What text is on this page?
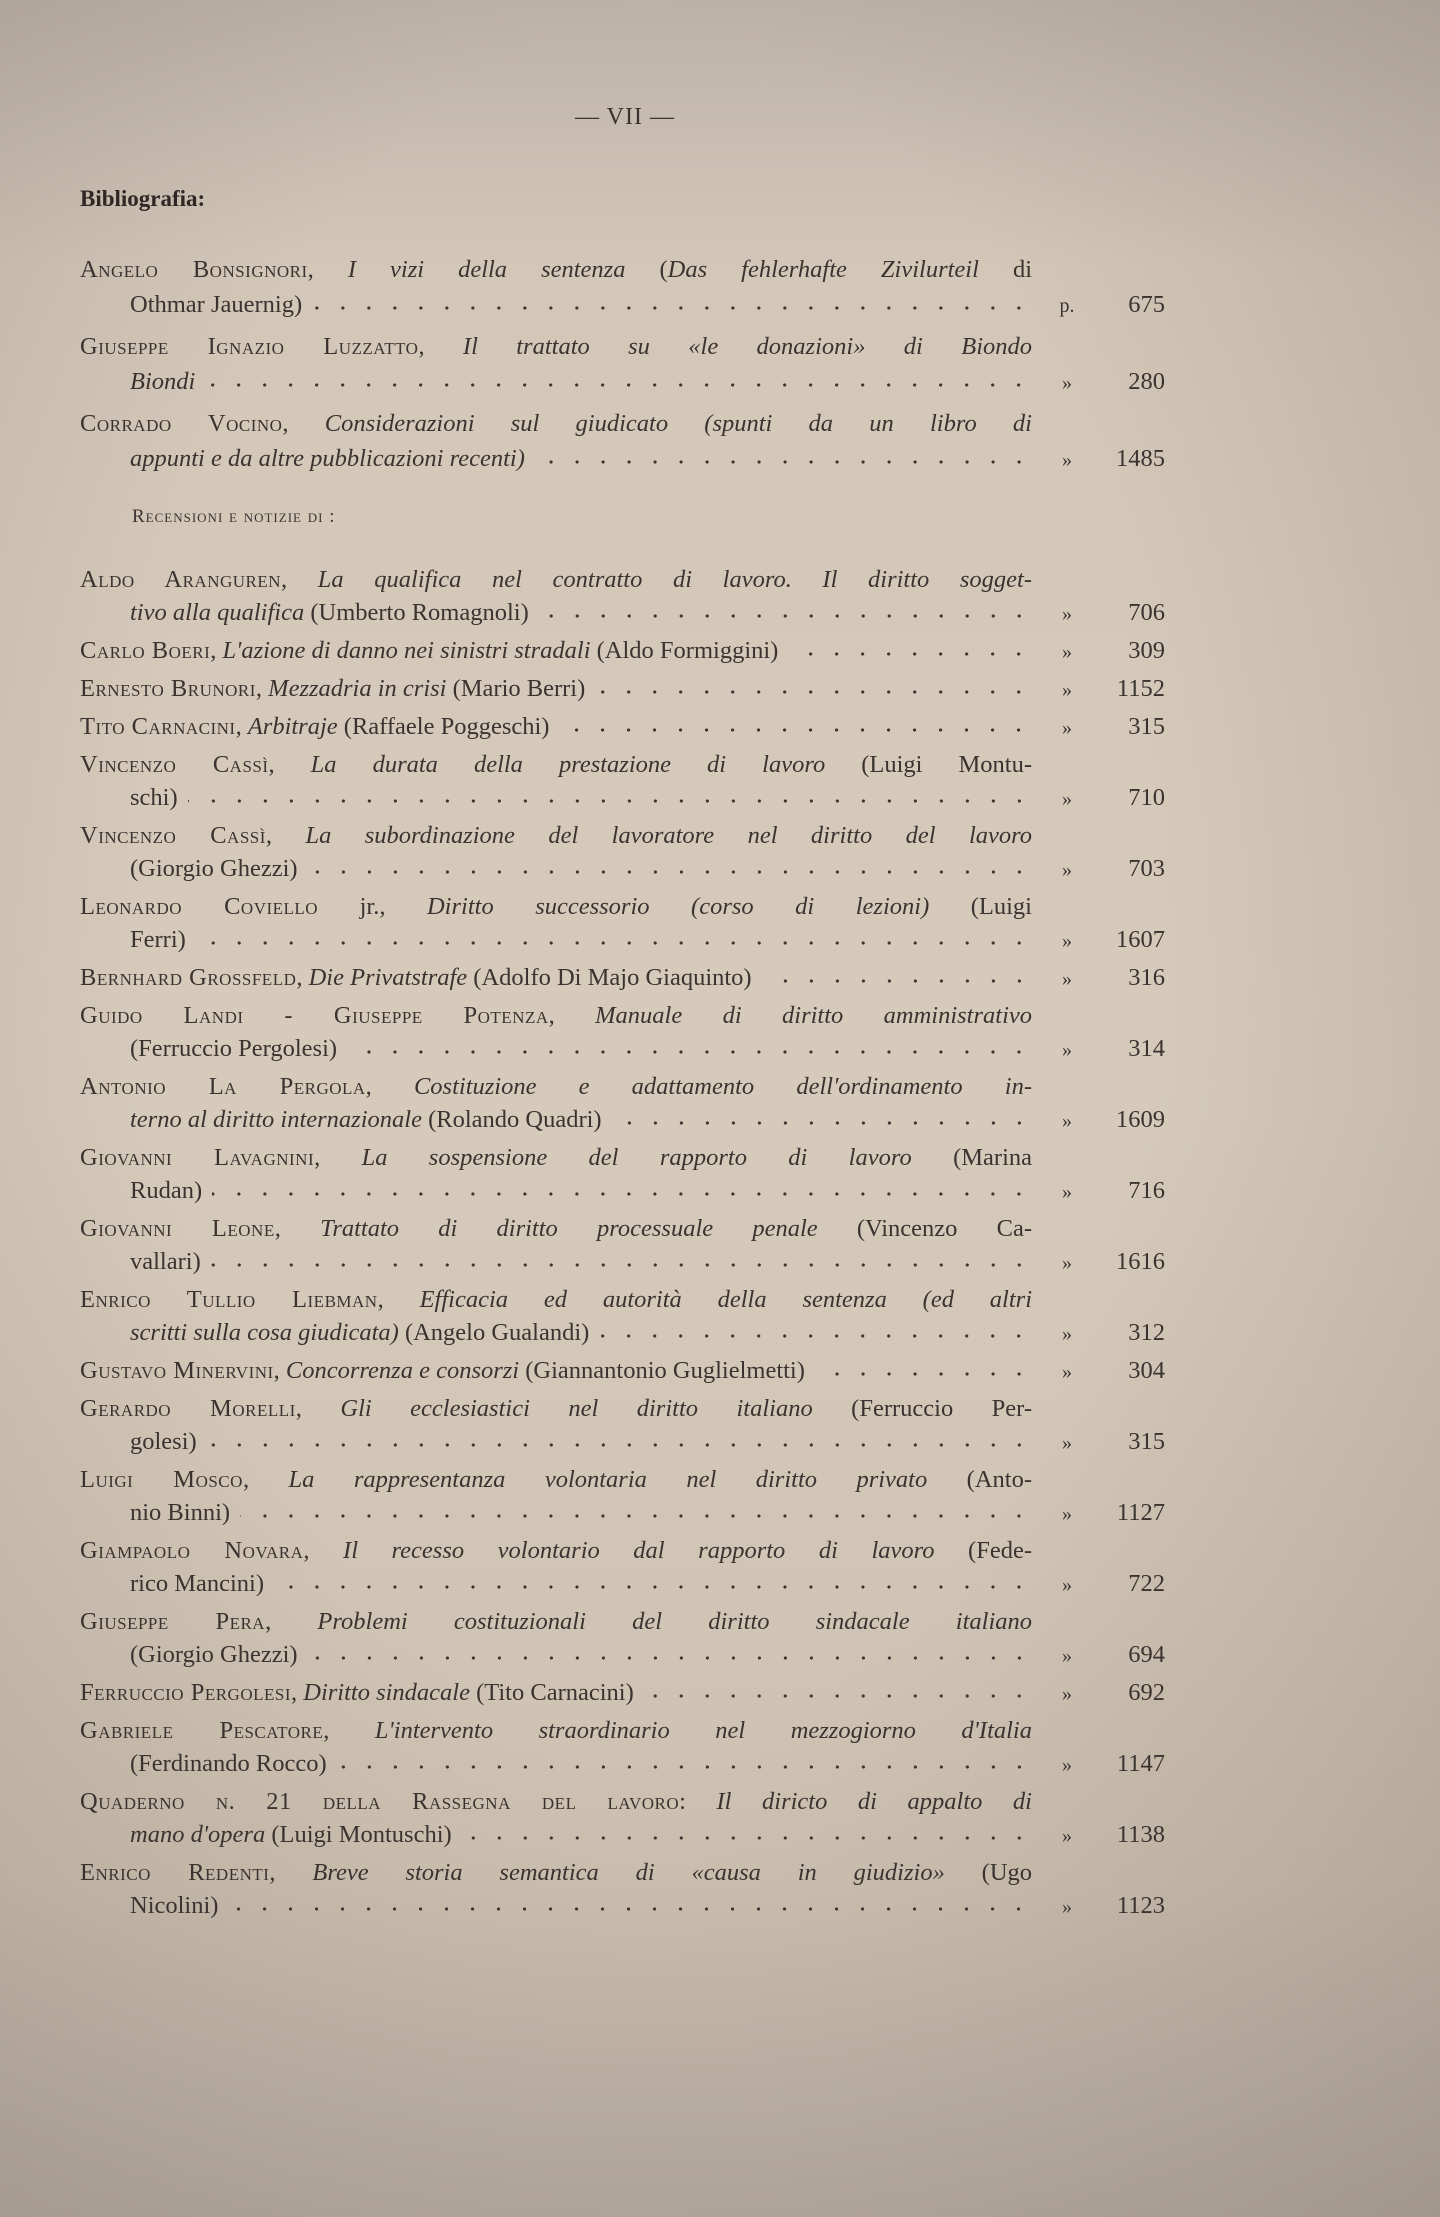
— VII —
Bibliografia:
Angelo Bonsignori, I vizi della sentenza (Das fehlerhafte Zivilurteil di
Othmar Jauernig)	p.	675
Giuseppe Ignazio Luzzatto, Il trattato su «le donazioni» di Biondo
Biondi	»	280
Corrado Vocino, Considerazioni sul giudicato (spunti da un libro di
appunti e da altre pubblicazioni recenti)	»	1485
Recensioni e notizie di :
Aldo Aranguren, La qualifica nel contratto di lavoro. Il diritto sogget-
tivo alla qualifica (Umberto Romagnoli)	»	706
Carlo Boeri, L'azione di danno nei sinistri stradali (Aldo Formiggini)	»	309
Ernesto Brunori, Mezzadria in crisi (Mario Berri)	»	1152
Tito Carnacini, Arbitraje (Raffaele Poggeschi)	»	315
Vincenzo Cassì, La durata della prestazione di lavoro (Luigi Montu-
schi)	»	710
Vincenzo Cassì, La subordinazione del lavoratore nel diritto del lavoro
(Giorgio Ghezzi)	»	703
Leonardo Coviello jr., Diritto successorio (corso di lezioni) (Luigi
Ferri)	»	1607
Bernhard Grossfeld, Die Privatstrafe (Adolfo Di Majo Giaquinto)	»	316
Guido Landi - Giuseppe Potenza, Manuale di diritto amministrativo
(Ferruccio Pergolesi)	»	314
Antonio La Pergola, Costituzione e adattamento dell'ordinamento in-
terno al diritto internazionale (Rolando Quadri)	»	1609
Giovanni Lavagnini, La sospensione del rapporto di lavoro (Marina
Rudan)	»	716
Giovanni Leone, Trattato di diritto processuale penale (Vincenzo Ca-
vallari)	»	1616
Enrico Tullio Liebman, Efficacia ed autorità della sentenza (ed altri
scritti sulla cosa giudicata) (Angelo Gualandi)	»	312
Gustavo Minervini, Concorrenza e consorzi (Giannantonio Guglielmetti)	»	304
Gerardo Morelli, Gli ecclesiastici nel diritto italiano (Ferruccio Per-
golesi)	»	315
Luigi Mosco, La rappresentanza volontaria nel diritto privato (Anto-
nio Binni)	»	1127
Giampaolo Novara, Il recesso volontario dal rapporto di lavoro (Fede-
rico Mancini)	»	722
Giuseppe Pera, Problemi costituzionali del diritto sindacale italiano
(Giorgio Ghezzi)	»	694
Ferruccio Pergolesi, Diritto sindacale (Tito Carnacini)	»	692
Gabriele Pescatore, L'intervento straordinario nel mezzogiorno d'Italia
(Ferdinando Rocco)	»	1147
Quaderno n. 21 della Rassegna del lavoro: Il diricto di appalto di
mano d'opera (Luigi Montuschi)	»	1138
Enrico Redenti, Breve storia semantica di «causa in giudizio» (Ugo
Nicolini)	»	1123
